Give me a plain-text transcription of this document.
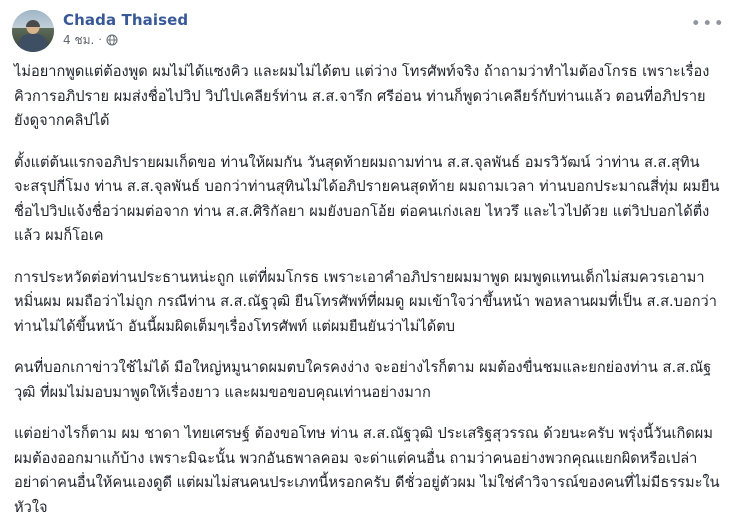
Chada Thaised
4 ชม. ·
•••

ไม่อยากพูดแต่ต้องพูด ผมไม่ได้แซงคิว และผมไม่ได้ตบ แต่ว่าง โทรศัพท์จริง ถ้าถามว่าทำไมต้องโกรธ เพราะเรื่องคิวการอภิปราย ผมส่งชื่อไปวิป วิปไปเคลียร์ท่าน ส.ส.จารึก ศรีอ่อน ท่านก็พูดว่าเคลียร์กับท่านแล้ว ตอนที่อภิปรายยังดูจากคลิปได้

ตั้งแต่ต้นแรกจอภิปรายผมเก็ดขอ ท่านให้ผมกัน วันสุดท้ายผมถามท่าน ส.ส.จุลพันธ์ อมรวิวัฒน์ ว่าท่าน ส.ส.สุทิน จะสรุปกี่โมง ท่าน ส.ส.จุลพันธ์ บอกว่าท่านสุทินไม่ได้อภิปรายคนสุดท้าย ผมถามเวลา ท่านบอกประมาณสี่ทุ่ม ผมยืนชื่อไปวิปแจ้งชื่อว่าผมต่อจาก ท่าน ส.ส.ศิริกัลยา ผมยังบอกโอ้ย ต่อคนเก่งเลย ไหวรึ และไวไปด้วย แต่วิปบอกได้ตื่งแล้ว ผมก็โอเค

การประหวัดต่อท่านประธานหน่ะถูก แต่ที่ผมโกรธ เพราะเอาคำอภิปรายผมมาพูด ผมพูดแทนเด็กไม่สมควรเอามาหมิ่นผม ผมถือว่าไม่ถูก กรณีท่าน ส.ส.ณัฐวุฒิ ยืนโทรศัพท์ที่ผมดู ผมเข้าใจว่าขึ้นหน้า พอหลานผมที่เป็น ส.ส.บอกว่าท่านไม่ได้ขึ้นหน้า อันนี้ผมผิดเต็มๆเรื่องโทรศัพท์ แต่ผมยืนยันว่าไม่ได้ตบ

คนที่บอกเกาข่าวใช้ไม่ได้ มือใหญ่หมูนาดผมตบใครคงง่าง จะอย่างไรก็ตาม ผมต้องขื่นชมและยกย่องท่าน ส.ส.ณัฐวุฒิ ที่ผมไม่มอบมาพูดให้เรื่องยาว และผมขอขอบคุณเท่านอย่างมาก

แต่อย่างไรก็ตาม ผม ชาดา ไทยเศรษฐ์ ต้องขอโทษ ท่าน ส.ส.ณัฐวุฒิ ประเสริฐสุวรรณ ด้วยนะครับ พรุ่งนี้วันเกิดผม ผมต้องออกมาแก้บ้าง เพราะมิฉะนั้น พวกอันธพาลคอม จะด่าแต่คนอื่น ถามว่าคนอย่างพวกคุณแยกผิดหรือเปล่า อย่าด่าคนอื่นให้คนเองดูดี แต่ผมไม่สนคนประเภทนี้หรอกครับ ดีชั่วอยู่ตัวผม ไม่ใช่คำวิจารณ์ของคนที่ไม่มีธรรมะในหัวใจ
